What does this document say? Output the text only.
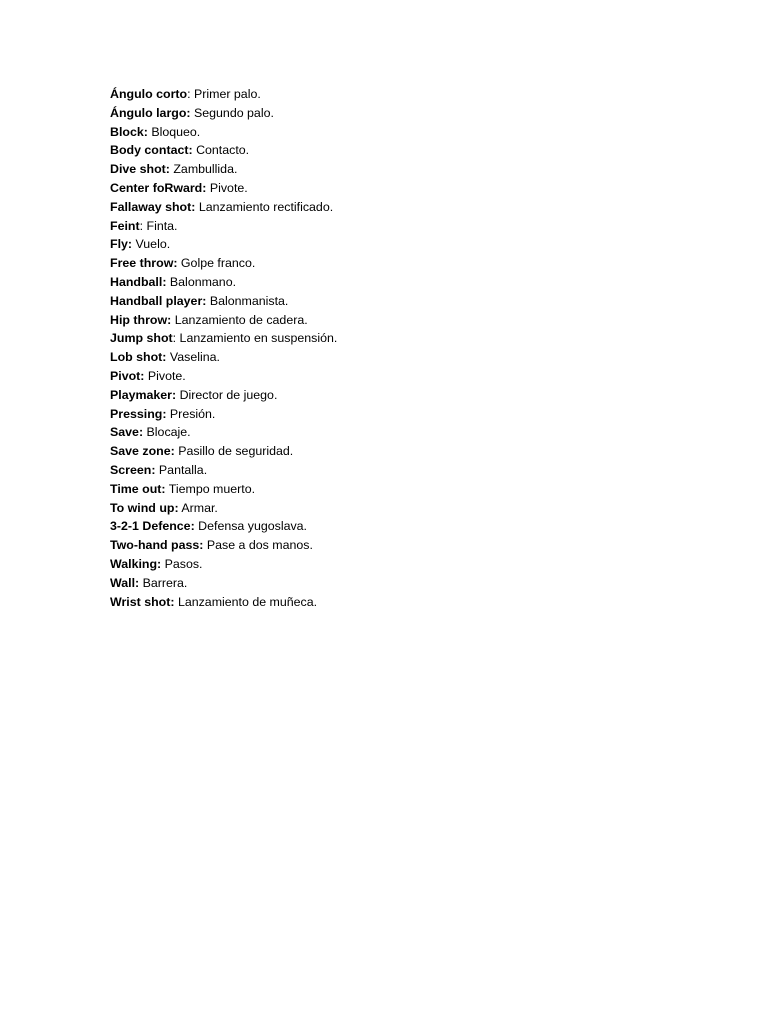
Ángulo corto: Primer palo.
Ángulo largo: Segundo palo.
Block: Bloqueo.
Body contact: Contacto.
Dive shot: Zambullida.
Center foRward: Pivote.
Fallaway shot: Lanzamiento rectificado.
Feint: Finta.
Fly: Vuelo.
Free throw: Golpe franco.
Handball: Balonmano.
Handball player: Balonmanista.
Hip throw: Lanzamiento de cadera.
Jump shot: Lanzamiento en suspensión.
Lob shot: Vaselina.
Pivot: Pivote.
Playmaker: Director de juego.
Pressing: Presión.
Save: Blocaje.
Save zone: Pasillo de seguridad.
Screen: Pantalla.
Time out: Tiempo muerto.
To wind up: Armar.
3-2-1 Defence: Defensa yugoslava.
Two-hand pass: Pase a dos manos.
Walking: Pasos.
Wall: Barrera.
Wrist shot: Lanzamiento de muñeca.
